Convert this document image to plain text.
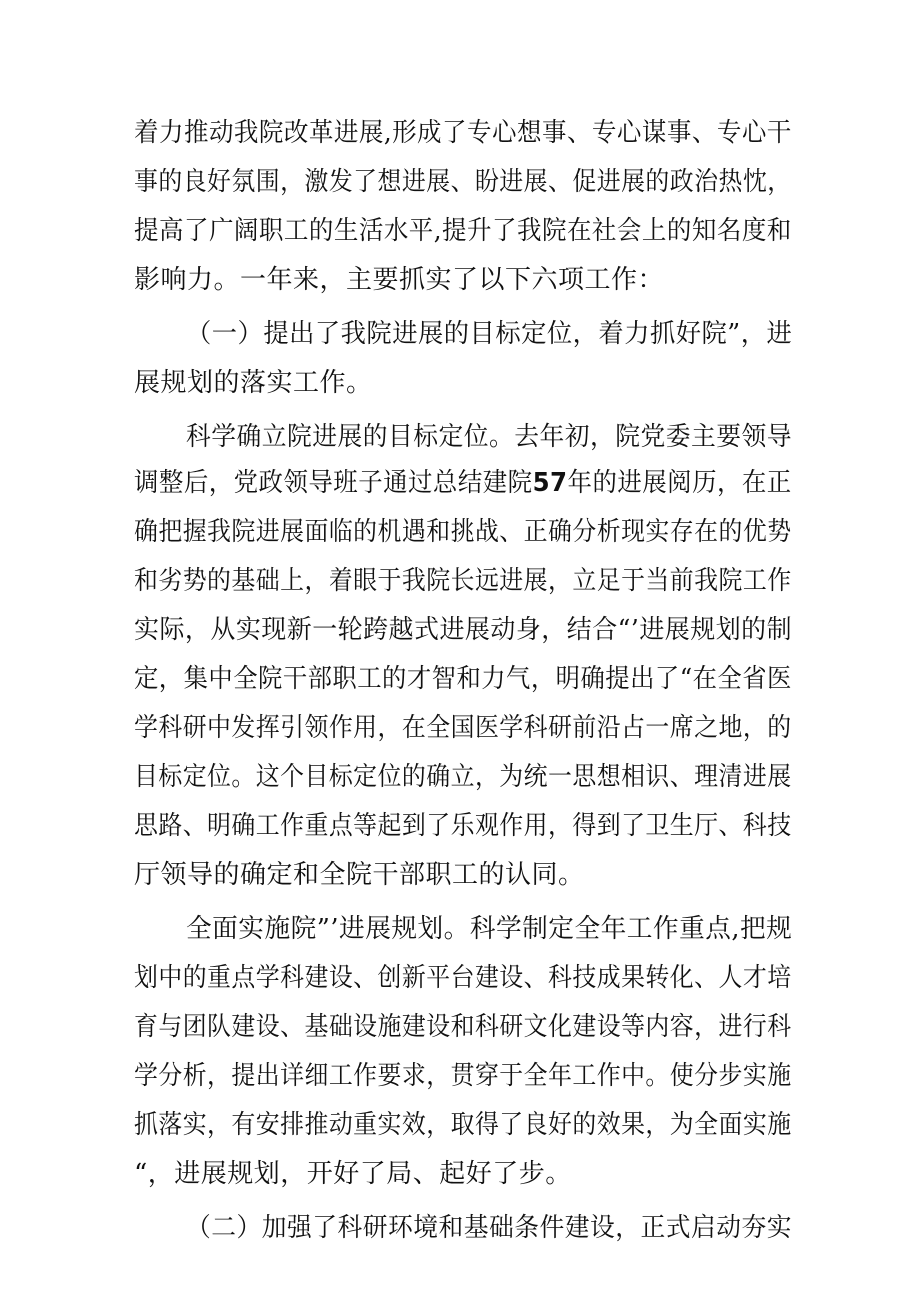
着力推动我院改革进展,形成了专心想事、专心谋事、专心干

事的良好氛围，激发了想进展、盼进展、促进展的政治热忱，

提高了广阔职工的生活水平,提升了我院在社会上的知名度和

影响力。一年来，主要抓实了以下六项工作：

（一）提出了我院进展的目标定位，着力抓好院”，进

展规划的落实工作。

科学确立院进展的目标定位。去年初，院党委主要领导

调整后，党政领导班子通过总结建院57年的进展阅历，在正

确把握我院进展面临的机遇和挑战、正确分析现实存在的优势

和劣势的基础上，着眼于我院长远进展，立足于当前我院工作

实际，从实现新一轮跨越式进展动身，结合“’进展规划的制

定，集中全院干部职工的才智和力气，明确提出了“在全省医

学科研中发挥引领作用，在全国医学科研前沿占一席之地，的

目标定位。这个目标定位的确立，为统一思想相识、理清进展

思路、明确工作重点等起到了乐观作用，得到了卫生厅、科技

厅领导的确定和全院干部职工的认同。

全面实施院”’进展规划。科学制定全年工作重点,把规

划中的重点学科建设、创新平台建设、科技成果转化、人才培

育与团队建设、基础设施建设和科研文化建设等内容，进行科

学分析，提出详细工作要求，贯穿于全年工作中。使分步实施

抓落实，有安排推动重实效，取得了良好的效果，为全面实施

“，进展规划，开好了局、起好了步。

（二）加强了科研环境和基础条件建设，正式启动夯实
